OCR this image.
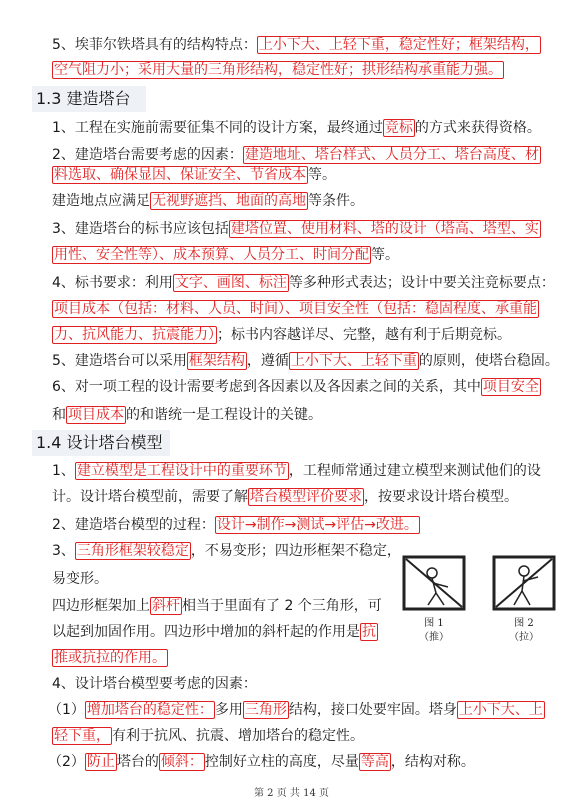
5、埃菲尔铁塔具有的结构特点： 上小下大、上轻下重，稳定性好；框架结构，
空气阻力小；采用大量的三角形结构，稳定性好；拱形结构承重能力强。
1.3 建造塔台
1、工程在实施前需要征集不同的设计方案，最终通过 竞标 的方式来获得资格。
2、建造塔台需要考虑的因素： 建造地址、塔台样式、人员分工、塔台高度、材
料选取、确保显因、保证安全、节省成本 等。
建造地点应满足 无视野遮挡、地面的高地 等条件。
3、建造塔台的标书应该包括 建塔位置、使用材料、塔的设计（塔高、塔型、实
用性、安全性等）、成本预算、人员分工、时间分配 等。
4、标书要求：利用 文字、画图、标注 等多种形式表达；设计中要关注竞标要点：
项目成本（包括：材料、人员、时间）、项目安全性（包括：稳固程度、承重能
力、抗风能力、抗震能力） ；标书内容越详尽、完整，越有利于后期竞标。
5、建造塔台可以采用 框架结构 ，遵循 上小下大、上轻下重 的原则，使塔台稳固。
6、对一项工程的设计需要考虑到各因素以及各因素之间的关系，其中 项目安全
和 项目成本 的和谐统一是工程设计的关键。
1.4 设计塔台模型
1、 建立模型是工程设计中的重要环节 ，工程师常通过建立模型来测试他们的设
计。设计塔台模型前，需要了解 塔台模型评价要求 ，按要求设计塔台模型。
2、建造塔台模型的过程： 设计→制作→测试→评估→改进。
3、 三角形框架较稳定 ，不易变形；四边形框架不稳定，
易变形。
四边形框架加上 斜杆 相当于里面有了 2 个三角形，可
以起到加固作用。四边形中增加的斜杆起的作用是 抗
推或抗拉的作用。
图 1
（推）
图 2
（拉）
4、设计塔台模型要考虑的因素：
（1） 增加塔台的稳定性： 多用 三角形 结构，接口处要牢固。塔身 上小下大、上
轻下重， 有利于抗风、抗震、增加塔台的稳定性。
（2） 防止 塔台的 倾斜： 控制好立柱的高度，尽量 等高 ，结构对称。
第 2 页 共 14 页
